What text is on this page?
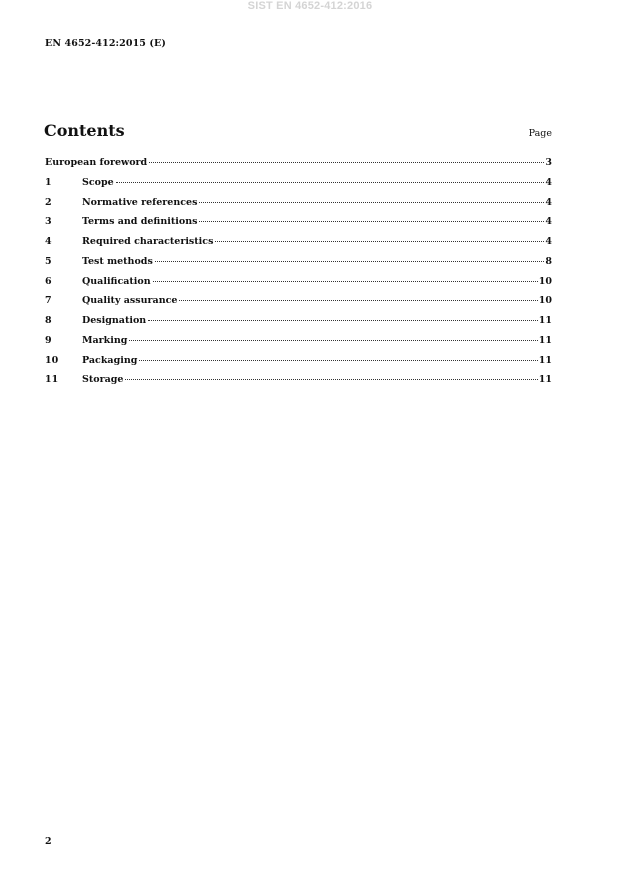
SIST EN 4652-412:2016
EN 4652-412:2015 (E)
Contents	Page
European foreword	3
1	Scope	4
2	Normative references	4
3	Terms and definitions	4
4	Required characteristics	4
5	Test methods	8
6	Qualification	10
7	Quality assurance	10
8	Designation	11
9	Marking	11
10	Packaging	11
11	Storage	11
2
